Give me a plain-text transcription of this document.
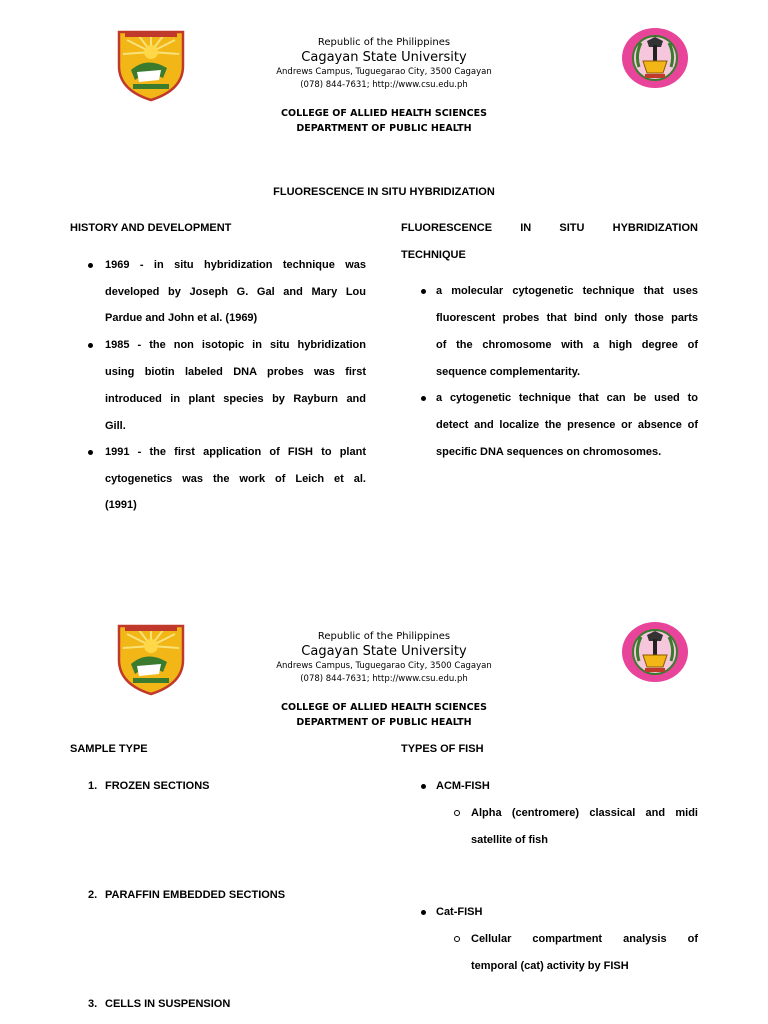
Republic of the Philippines
Cagayan State University
Andrews Campus, Tuguegarao City, 3500 Cagayan
(078) 844-7631; http://www.csu.edu.ph
COLLEGE OF ALLIED HEALTH SCIENCES
DEPARTMENT OF PUBLIC HEALTH
FLUORESCENCE IN SITU HYBRIDIZATION
HISTORY AND DEVELOPMENT
1969 - in situ hybridization technique was
developed by Joseph G. Gal and Mary Lou
Pardue and John et al. (1969)
1985 - the non isotopic in situ hybridization
using biotin labeled DNA probes was first
introduced in plant species by Rayburn and
Gill.
1991 - the first application of FISH to plant
cytogenetics was the work of Leich et al.
(1991)
FLUORESCENCE IN SITU HYBRIDIZATION
TECHNIQUE
a molecular cytogenetic technique that uses
fluorescent probes that bind only those parts
of the chromosome with a high degree of
sequence complementarity.
a cytogenetic technique that can be used to
detect and localize the presence or absence of
specific DNA sequences on chromosomes.
Republic of the Philippines
Cagayan State University
Andrews Campus, Tuguegarao City, 3500 Cagayan
(078) 844-7631; http://www.csu.edu.ph
COLLEGE OF ALLIED HEALTH SCIENCES
DEPARTMENT OF PUBLIC HEALTH
SAMPLE TYPE
1. FROZEN SECTIONS
2. PARAFFIN EMBEDDED SECTIONS
3. CELLS IN SUSPENSION
TYPES OF FISH
ACM-FISH
Alpha (centromere) classical and midi
satellite of fish
Cat-FISH
Cellular compartment analysis of
temporal (cat) activity by FISH
